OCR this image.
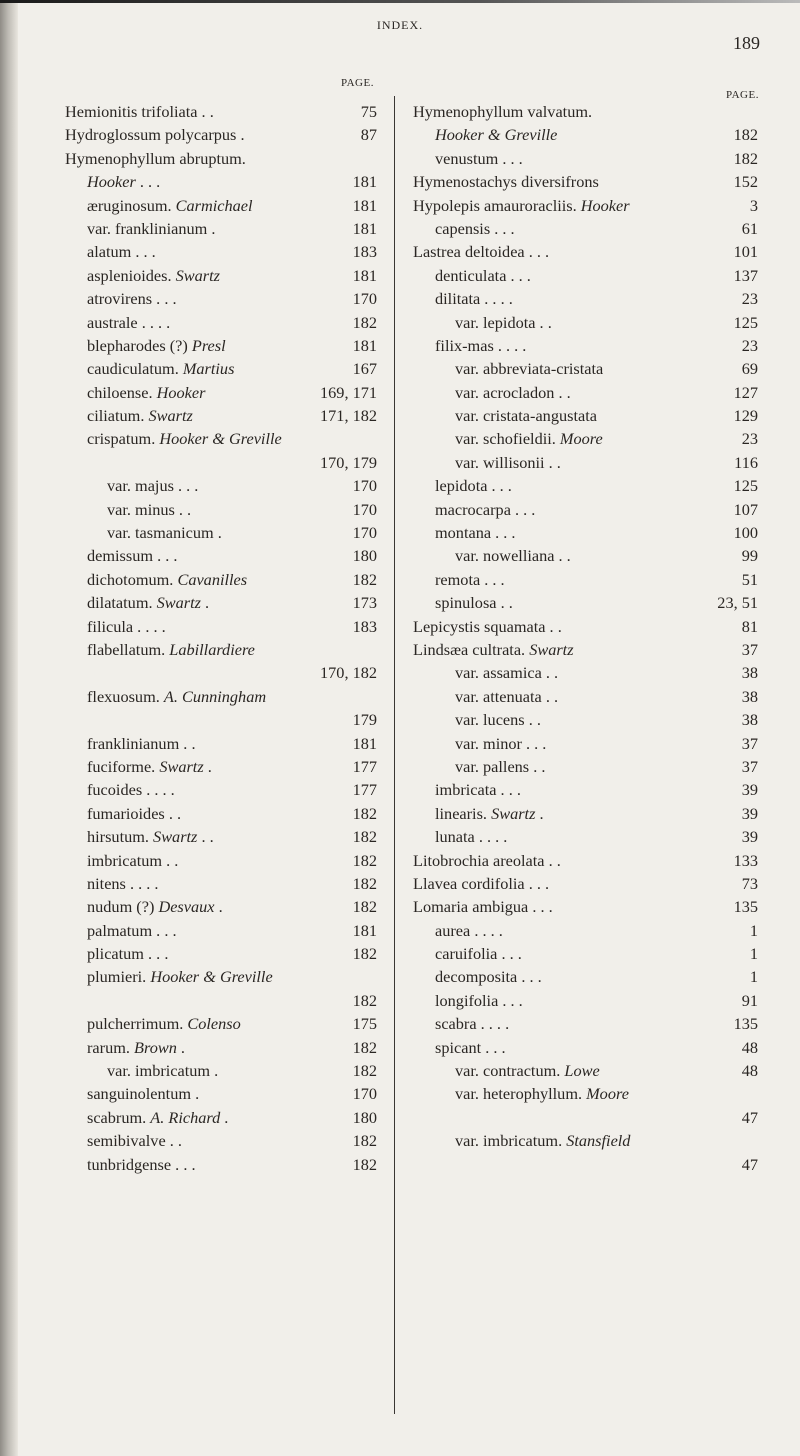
INDEX.
189
PAGE.
PAGE.
Hemionitis trifoliata . .	75
Hydroglossum polycarpus .	87
Hymenophyllum abruptum.
Hooker . . .	181
æruginosum. Carmichael	181
var. franklinianum .	181
alatum . . .	183
asplenioides. Swartz	181
atrovirens . . .	170
australe . . . .	182
blepharodes (?) Presl	181
caudiculatum. Martius	167
chiloense. Hooker	169, 171
ciliatum. Swartz	171, 182
crispatum. Hooker & Greville
170, 179
var. majus . . .	170
var. minus . .	170
var. tasmanicum .	170
demissum . . .	180
dichotomum. Cavanilles	182
dilatatum. Swartz .	173
filicula . . . .	183
flabellatum. Labillardiere
170, 182
flexuosum. A. Cunningham
179
franklinianum . .	181
fuciforme. Swartz .	177
fucoides . . . .	177
fumarioides . .	182
hirsutum. Swartz . .	182
imbricatum . .	182
nitens . . . .	182
nudum (?) Desvaux .	182
palmatum . . .	181
plicatum . . .	182
plumieri. Hooker & Greville
182
pulcherrimum. Colenso	175
rarum. Brown .	182
var. imbricatum .	182
sanguinolentum .	170
scabrum. A. Richard .	180
semibivalve . .	182
tunbridgense . . .	182
Hymenophyllum valvatum.
Hooker & Greville	182
venustum . . .	182
Hymenostachys diversifrons	152
Hypolepis amauroracliis. Hooker	3
capensis . . .	61
Lastrea deltoidea . . .	101
denticulata . . .	137
dilitata . . . .	23
var. lepidota . .	125
filix-mas . . . .	23
var. abbreviata-cristata	69
var. acrocladon . .	127
var. cristata-angustata	129
var. schofieldii. Moore	23
var. willisonii . .	116
lepidota . . .	125
macrocarpa . . .	107
montana . . .	100
var. nowelliana . .	99
remota . . .	51
spinulosa . .	23, 51
Lepicystis squamata . .	81
Lindsæa cultrata. Swartz	37
var. assamica . .	38
var. attenuata . .	38
var. lucens . .	38
var. minor . . .	37
var. pallens . .	37
imbricata . . .	39
linearis. Swartz .	39
lunata . . . .	39
Litobrochia areolata . .	133
Llavea cordifolia . . .	73
Lomaria ambigua . . .	135
aurea . . . .	1
caruifolia . . .	1
decomposita . . .	1
longifolia . . .	91
scabra . . . .	135
spicant . . .	48
var. contractum. Lowe	48
var. heterophyllum. Moore
47
var. imbricatum. Stansfield
47
